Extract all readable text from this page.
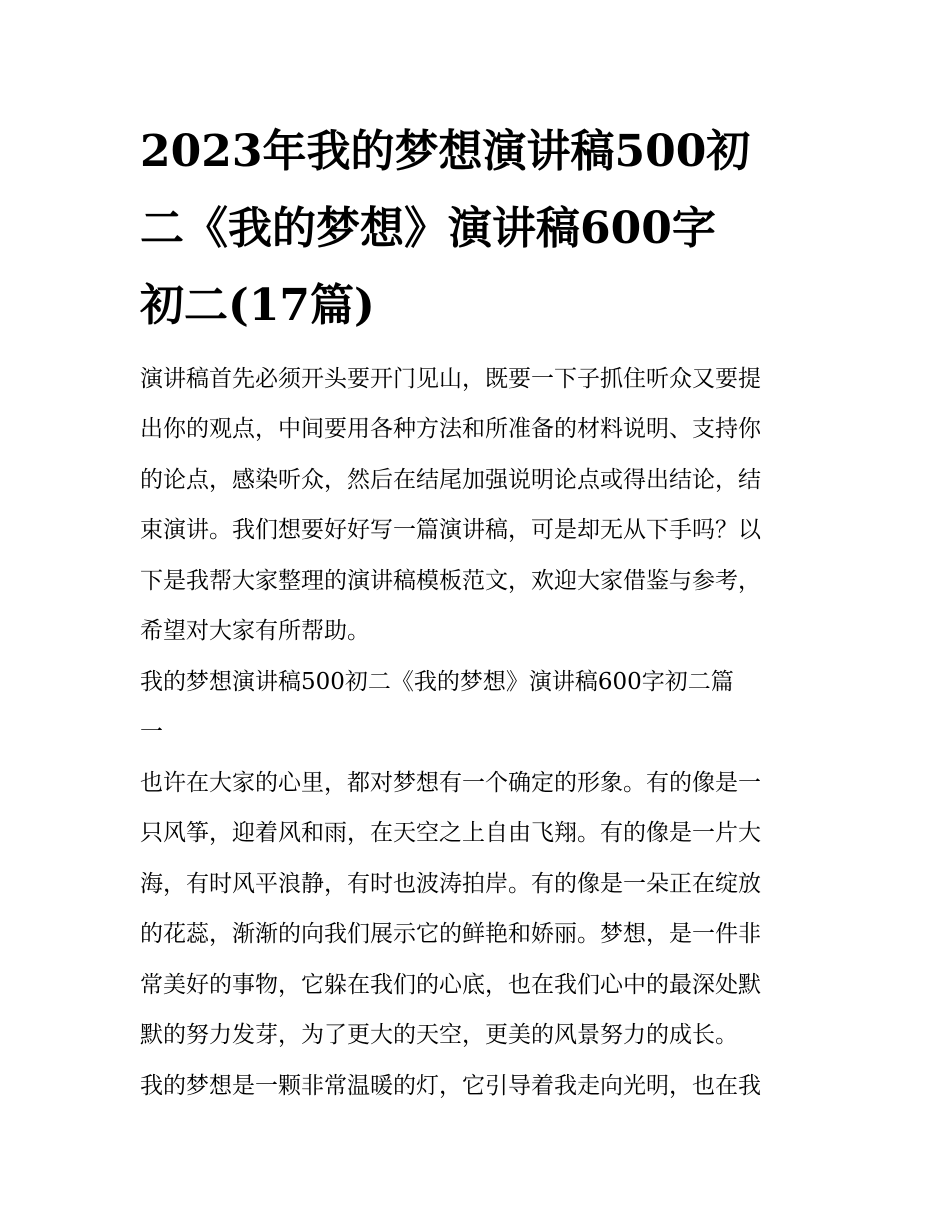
2023年我的梦想演讲稿500初
二《我的梦想》演讲稿600字
初二(17篇)

演讲稿首先必须开头要开门见山，既要一下子抓住听众又要提
出你的观点，中间要用各种方法和所准备的材料说明、支持你
的论点，感染听众，然后在结尾加强说明论点或得出结论，结
束演讲。我们想要好好写一篇演讲稿，可是却无从下手吗？以
下是我帮大家整理的演讲稿模板范文，欢迎大家借鉴与参考，
希望对大家有所帮助。

我的梦想演讲稿500初二《我的梦想》演讲稿600字初二篇
一

也许在大家的心里，都对梦想有一个确定的形象。有的像是一
只风筝，迎着风和雨，在天空之上自由飞翔。有的像是一片大
海，有时风平浪静，有时也波涛拍岸。有的像是一朵正在绽放
的花蕊，渐渐的向我们展示它的鲜艳和娇丽。梦想，是一件非
常美好的事物，它躲在我们的心底，也在我们心中的最深处默
默的努力发芽，为了更大的天空，更美的风景努力的成长。

我的梦想是一颗非常温暖的灯，它引导着我走向光明，也在我
